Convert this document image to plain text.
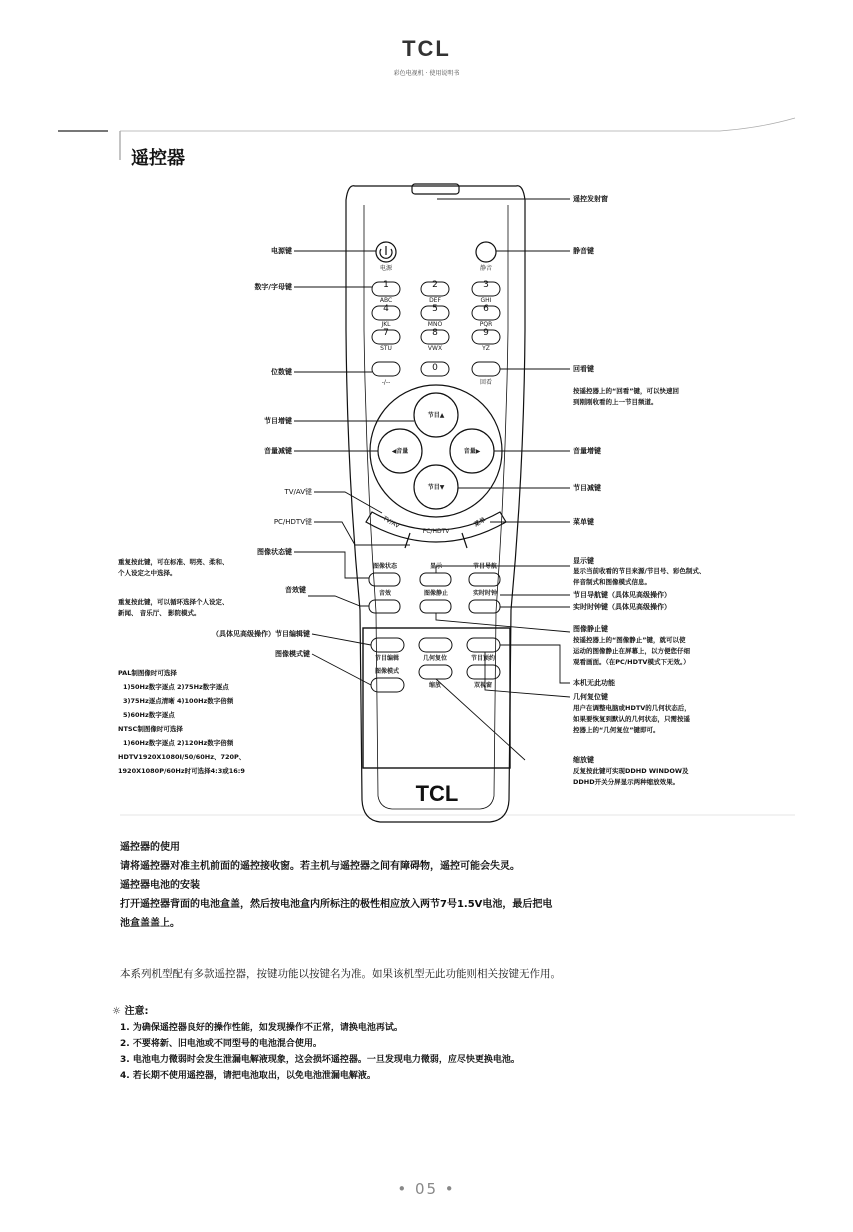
TCL
彩色电视机 · 使用说明书
遥控器
电源	静音
1
ABC
2
DEF
3
GHI
4
JKL
5
MNO
6
PQR
7
STU
8
VWX
9
YZ
0
-/--	回看
节目▲
节目▼
◀音量	音量▶
TV/AV
PC/HDTV
菜单
图像状态	显示	节目导航
音效	图像静止	实时时钟
节目编辑	几何复位	节目预约
图像模式
缩放	双视窗
TCL
电源键
数字/字母键
位数键
节目增键
音量减键
TV/AV键
PC/HDTV键
图像状态键
重复按此键，可在标准、明亮、柔和、
个人设定之中选择。
音效键
重复按此键，可以循环选择个人设定、
新闻、 音乐厅、 影院模式。
（具体见高级操作）节目编辑键
图像模式键
PAL制图像时可选择
1)50Hz数字逐点 2)75Hz数字逐点
3)75Hz逐点清晰 4)100Hz数字倍频
5)60Hz数字逐点
NTSC制图像时可选择
1)60Hz数字逐点 2)120Hz数字倍频
HDTV1920X1080I/50/60Hz、720P、
1920X1080P/60Hz时可选择4:3或16:9
遥控发射窗
静音键
回看键
按遥控器上的“回看”键，可以快速回
到刚刚收看的上一节目频道。
音量增键
节目减键
菜单键
显示键
显示当前收看的节目来源/节目号、彩色制式、
伴音制式和图像模式信息。
节目导航键（具体见高级操作）
实时时钟键（具体见高级操作）
图像静止键
按遥控器上的“图像静止”键，就可以使
运动的图像静止在屏幕上，以方便您仔细
观看画面。（在PC/HDTV模式下无效。）
本机无此功能
几何复位键
用户在调整电脑或HDTV的几何状态后，
如果要恢复到默认的几何状态，只需按遥
控器上的“几何复位”键即可。
缩放键
反复按此键可实现DDHD WINDOW及
DDHD开关分屏显示两种缩放效果。
遥控器的使用
请将遥控器对准主机前面的遥控接收窗。若主机与遥控器之间有障碍物，遥控可能会失灵。
遥控器电池的安装
打开遥控器背面的电池盒盖，然后按电池盒内所标注的极性相应放入两节7号1.5V电池，最后把电
池盒盖盖上。
本系列机型配有多款遥控器，按键功能以按键名为准。如果该机型无此功能则相关按键无作用。
☼ 注意:
1. 为确保遥控器良好的操作性能，如发现操作不正常，请换电池再试。
2. 不要将新、旧电池或不同型号的电池混合使用。
3. 电池电力微弱时会发生泄漏电解液现象，这会损坏遥控器。一旦发现电力微弱，应尽快更换电池。
4. 若长期不使用遥控器，请把电池取出，以免电池泄漏电解液。
• 05 •
